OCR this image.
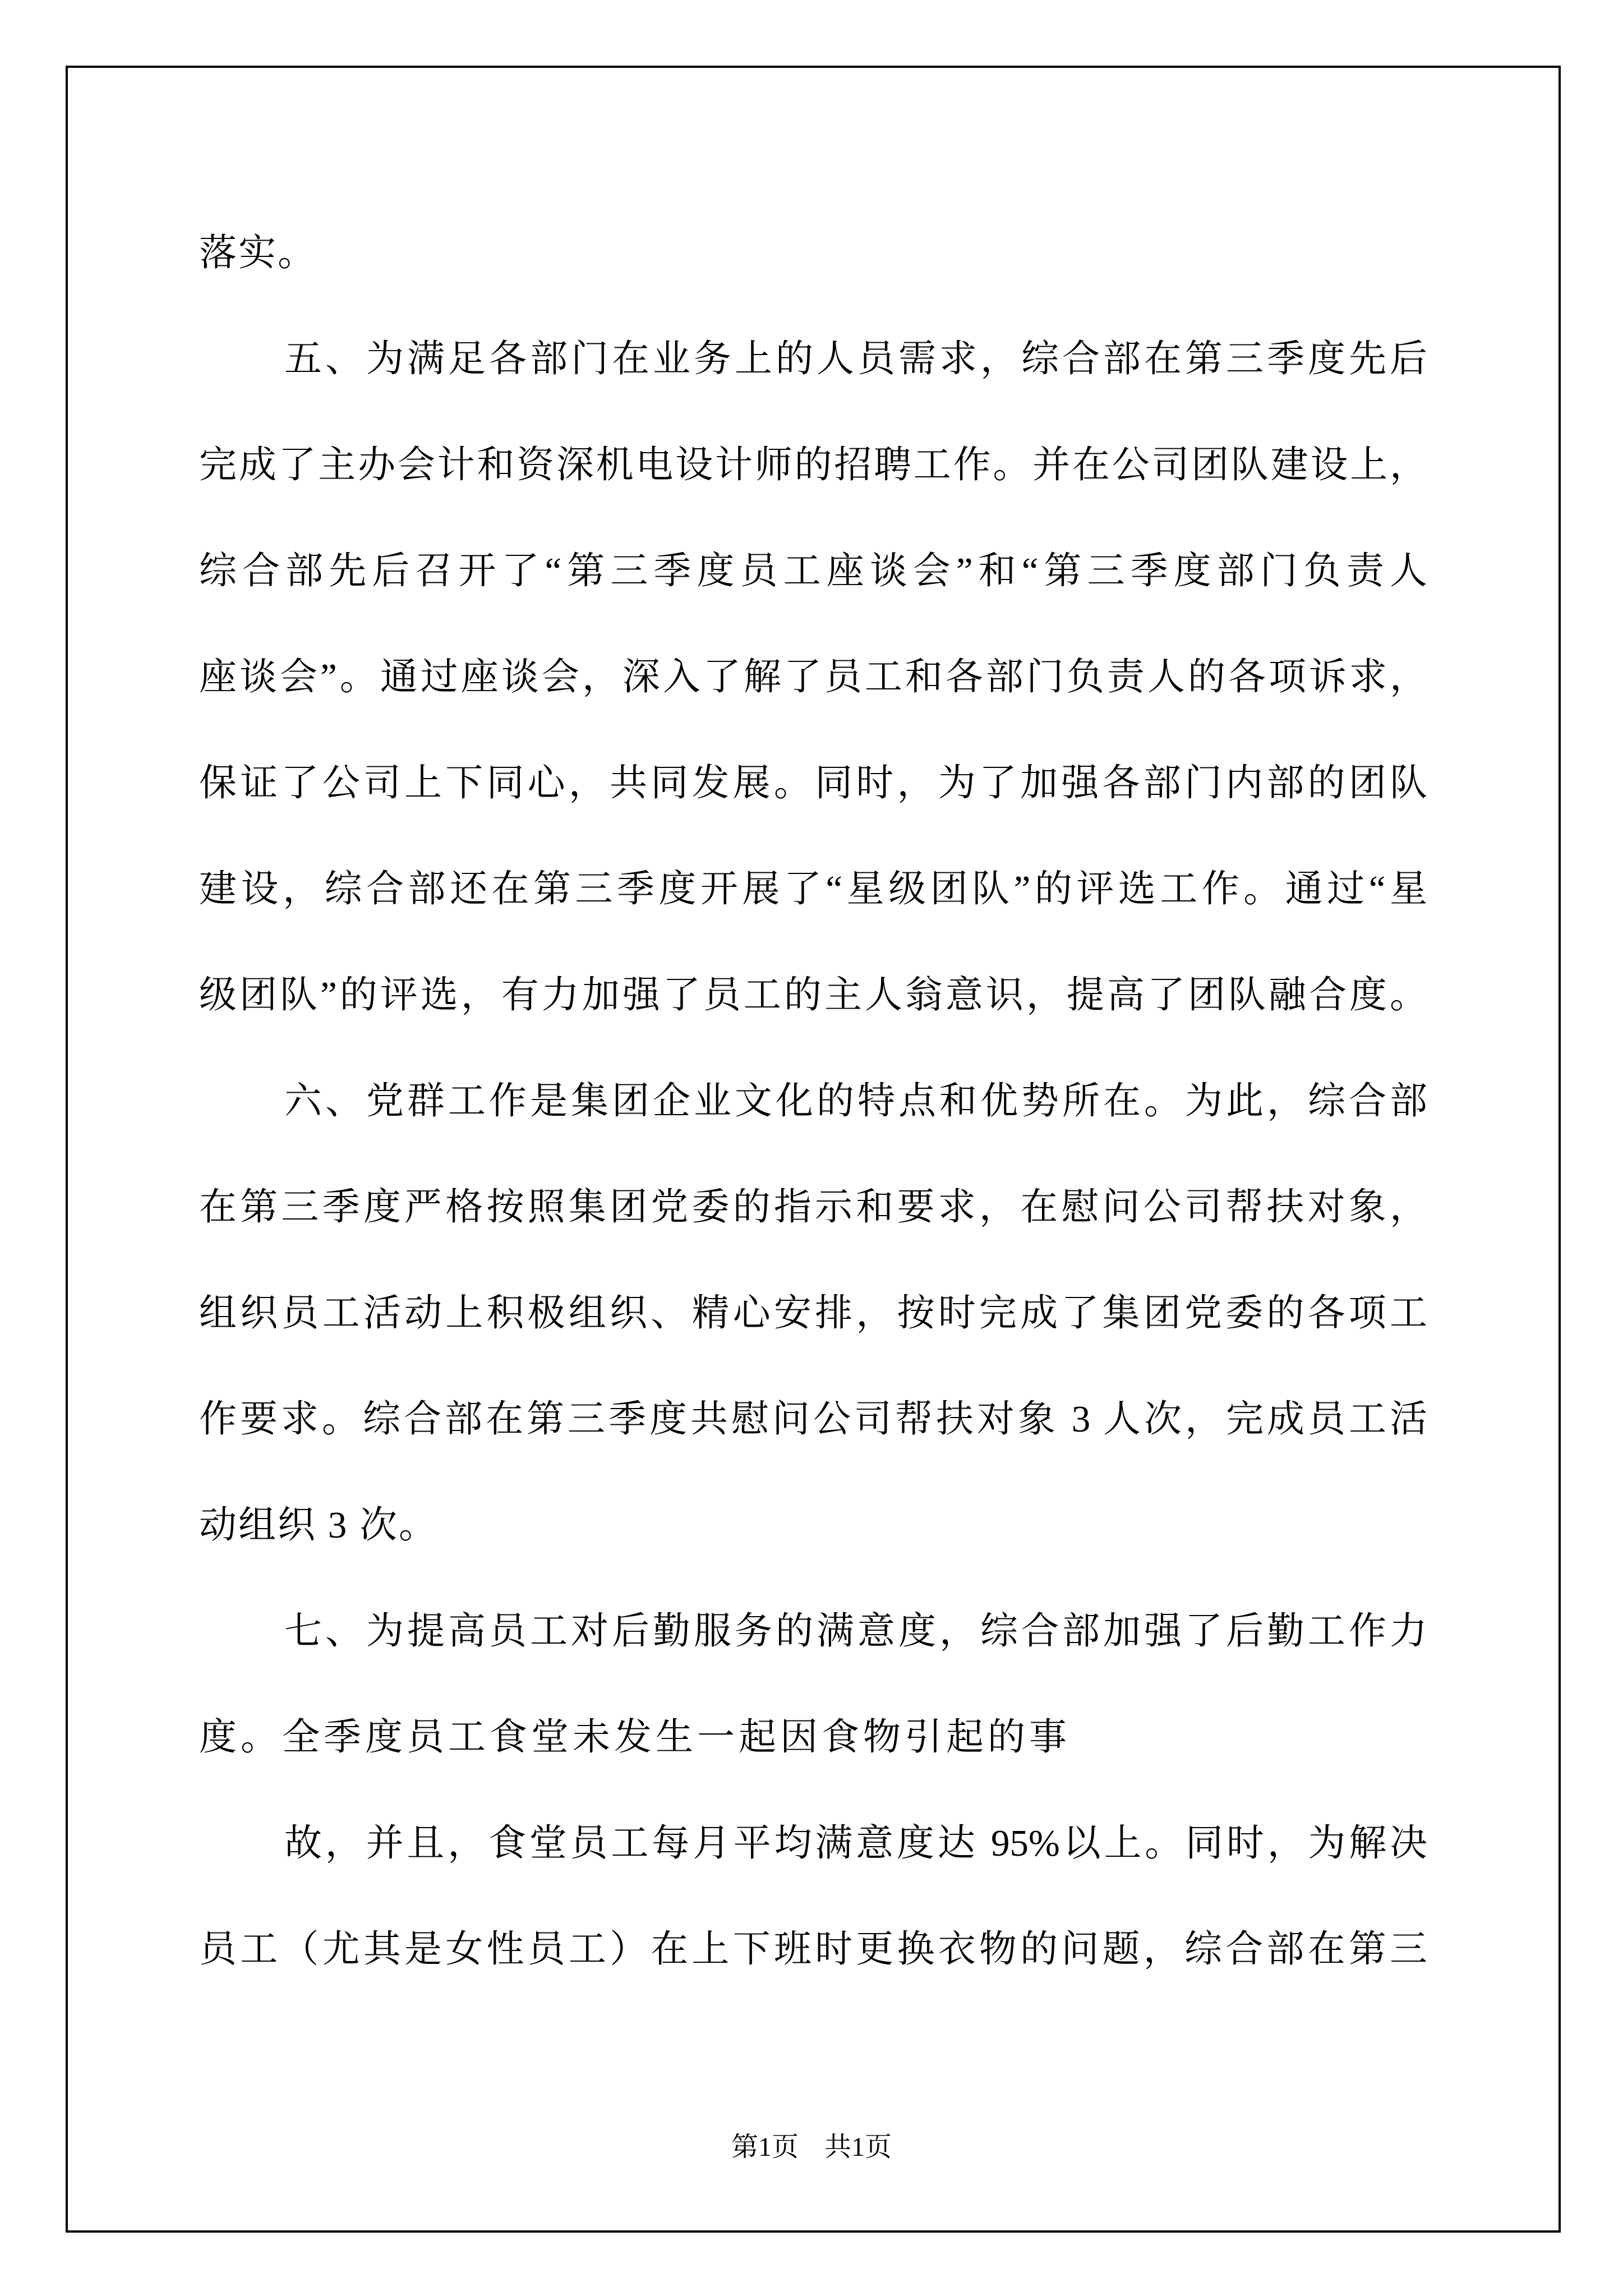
落实。
五、为满足各部门在业务上的人员需求，综合部在第三季度先后
完成了主办会计和资深机电设计师的招聘工作。并在公司团队建设上，
综合部先后召开了“第三季度员工座谈会”和“第三季度部门负责人
座谈会”。通过座谈会，深入了解了员工和各部门负责人的各项诉求，
保证了公司上下同心，共同发展。同时，为了加强各部门内部的团队
建设，综合部还在第三季度开展了“星级团队”的评选工作。通过“星
级团队”的评选，有力加强了员工的主人翁意识，提高了团队融合度。
六、党群工作是集团企业文化的特点和优势所在。为此，综合部
在第三季度严格按照集团党委的指示和要求，在慰问公司帮扶对象，
组织员工活动上积极组织、精心安排，按时完成了集团党委的各项工
作要求。综合部在第三季度共慰问公司帮扶对象 3 人次，完成员工活
动组织 3 次。
七、为提高员工对后勤服务的满意度，综合部加强了后勤工作力
度。全季度员工食堂未发生一起因食物引起的事
故，并且，食堂员工每月平均满意度达 95%以上。同时，为解决
员工（尤其是女性员工）在上下班时更换衣物的问题，综合部在第三
第1页 共1页
